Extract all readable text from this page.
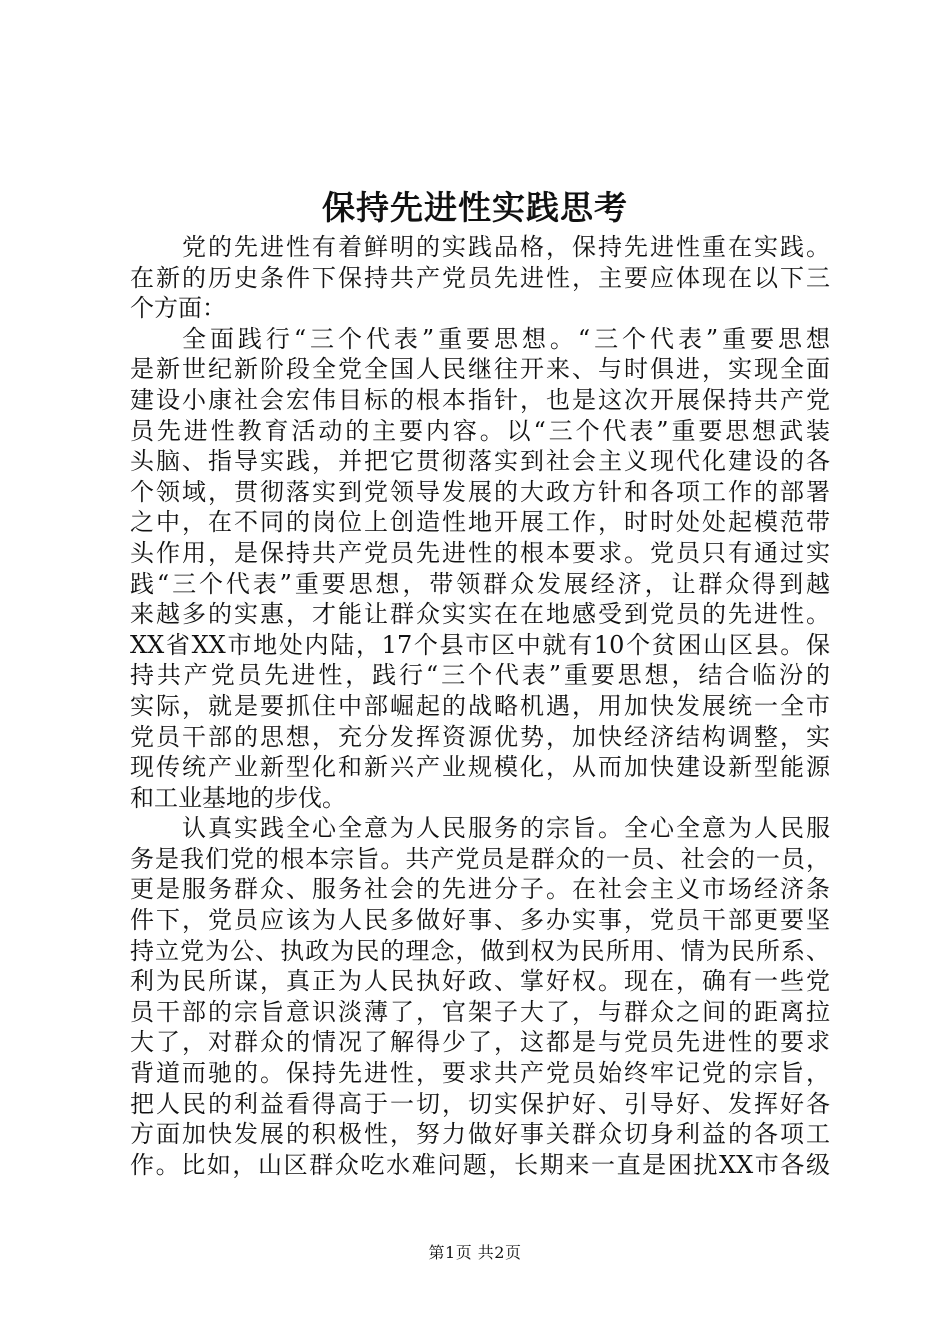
保持先进性实践思考
党的先进性有着鲜明的实践品格，保持先进性重在实践。
在新的历史条件下保持共产党员先进性，主要应体现在以下三
个方面：
全面践行“三个代表”重要思想。“三个代表”重要思想
是新世纪新阶段全党全国人民继往开来、与时俱进，实现全面
建设小康社会宏伟目标的根本指针，也是这次开展保持共产党
员先进性教育活动的主要内容。以“三个代表”重要思想武装
头脑、指导实践，并把它贯彻落实到社会主义现代化建设的各
个领域，贯彻落实到党领导发展的大政方针和各项工作的部署
之中，在不同的岗位上创造性地开展工作，时时处处起模范带
头作用，是保持共产党员先进性的根本要求。党员只有通过实
践“三个代表”重要思想，带领群众发展经济，让群众得到越
来越多的实惠，才能让群众实实在在地感受到党员的先进性。
XX省XX市地处内陆，17个县市区中就有10个贫困山区县。保
持共产党员先进性，践行“三个代表”重要思想，结合临汾的
实际，就是要抓住中部崛起的战略机遇，用加快发展统一全市
党员干部的思想，充分发挥资源优势，加快经济结构调整，实
现传统产业新型化和新兴产业规模化，从而加快建设新型能源
和工业基地的步伐。
认真实践全心全意为人民服务的宗旨。全心全意为人民服
务是我们党的根本宗旨。共产党员是群众的一员、社会的一员，
更是服务群众、服务社会的先进分子。在社会主义市场经济条
件下，党员应该为人民多做好事、多办实事，党员干部更要坚
持立党为公、执政为民的理念，做到权为民所用、情为民所系、
利为民所谋，真正为人民执好政、掌好权。现在，确有一些党
员干部的宗旨意识淡薄了，官架子大了，与群众之间的距离拉
大了，对群众的情况了解得少了，这都是与党员先进性的要求
背道而驰的。保持先进性，要求共产党员始终牢记党的宗旨，
把人民的利益看得高于一切，切实保护好、引导好、发挥好各
方面加快发展的积极性，努力做好事关群众切身利益的各项工
作。比如，山区群众吃水难问题，长期来一直是困扰XX市各级
第1页 共2页
